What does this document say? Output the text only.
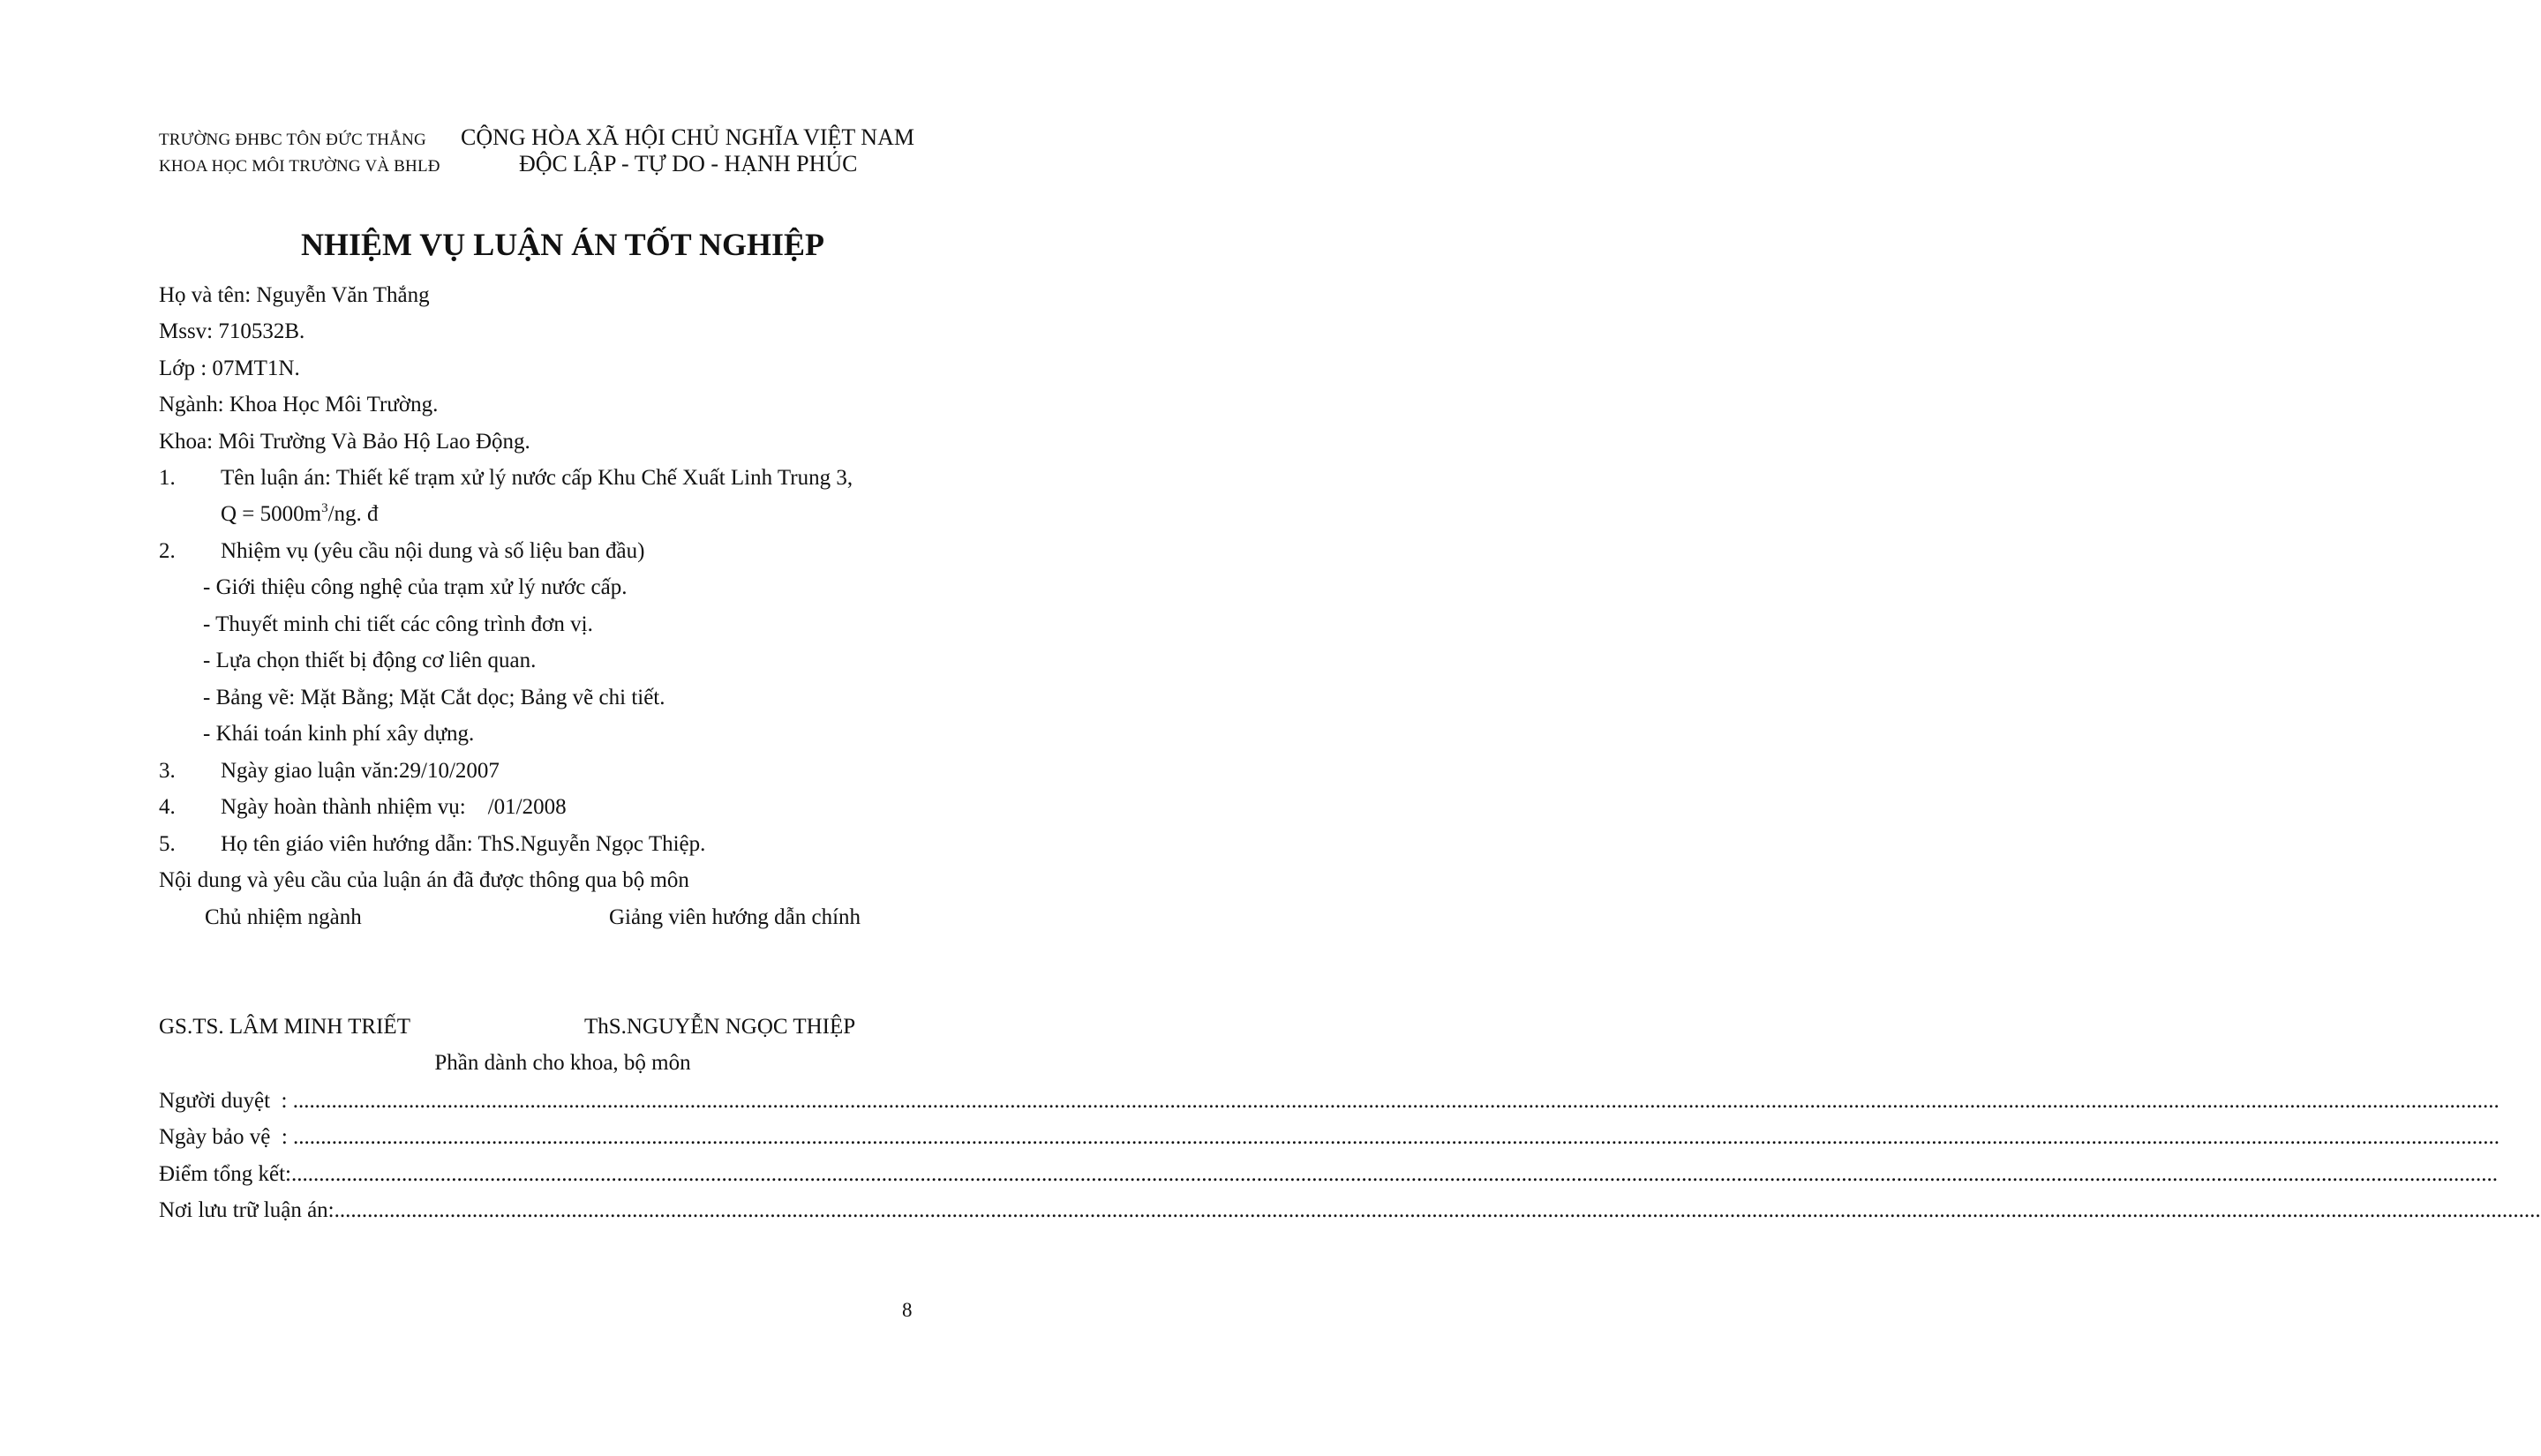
TRƯỜNG ĐHBC TÔN ĐỨC THẮNG
KHOA HỌC MÔI TRƯỜNG VÀ BHLĐ
CỘNG HÒA XÃ HỘI CHỦ NGHĨA VIỆT NAM
ĐỘC LẬP - TỰ DO - HẠNH PHÚC
NHIỆM VỤ LUẬN ÁN TỐT NGHIỆP
Họ và tên: Nguyễn Văn Thắng
Mssv: 710532B.
Lớp : 07MT1N.
Ngành: Khoa Học Môi Trường.
Khoa: Môi Trường Và Bảo Hộ Lao Động.
1. Tên luận án: Thiết kế trạm xử lý nước cấp Khu Chế Xuất Linh Trung 3,
$Q = 5000m^3/ng$. đ
2. Nhiệm vụ (yêu cầu nội dung và số liệu ban đầu)
- Giới thiệu công nghệ của trạm xử lý nước cấp.
- Thuyết minh chi tiết các công trình đơn vị.
- Lựa chọn thiết bị động cơ liên quan.
- Bảng vẽ: Mặt Bằng; Mặt Cắt dọc; Bảng vẽ chi tiết.
- Khái toán kinh phí xây dựng.
3. Ngày giao luận văn:29/10/2007
4. Ngày hoàn thành nhiệm vụ:    /01/2008
5. Họ tên giáo viên hướng dẫn: ThS.Nguyễn Ngọc Thiệp.
Nội dung và yêu cầu của luận án đã được thông qua bộ môn
Chủ nhiệm ngành	Giảng viên hướng dẫn chính
GS.TS. LÂM MINH TRIẾT	ThS.NGUYỄN NGỌC THIỆP
Phần dành cho khoa, bộ môn
Người duyệt  : ................................................................................................................................................................................................................................................................................................................................................................................................................
Ngày bảo vệ  : ................................................................................................................................................................................................................................................................................................................................................................................................................
Điểm tổng kết:................................................................................................................................................................................................................................................................................................................................................................................................................
Nơi lưu trữ luận án:................................................................................................................................................................................................................................................................................................................................................................................................................
8
